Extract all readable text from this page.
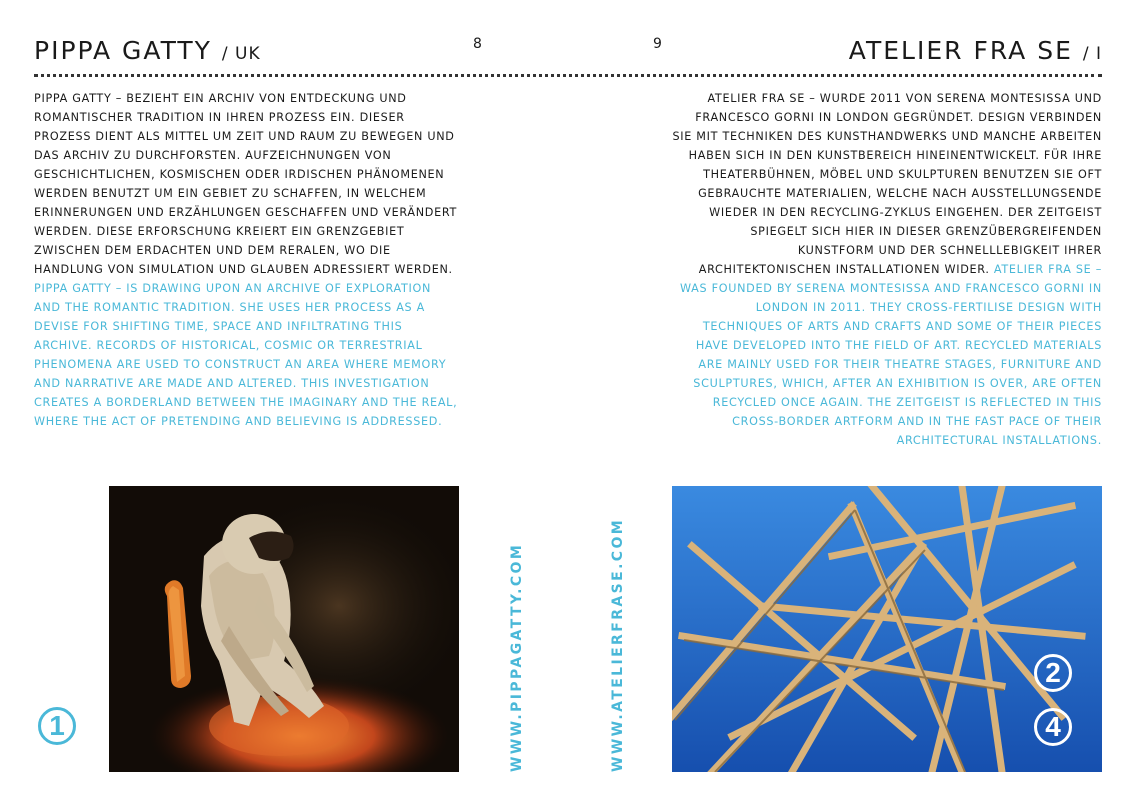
PIPPA GATTY / UK	8	9	ATELIER FRA SE / I
PIPPA GATTY – BEZIEHT EIN ARCHIV VON ENTDECKUNG UND ROMANTISCHER TRADITION IN IHREN PROZESS EIN. DIESER PROZESS DIENT ALS MITTEL UM ZEIT UND RAUM ZU BEWEGEN UND DAS ARCHIV ZU DURCHFORSTEN. AUFZEICHNUNGEN VON GESCHICHTLICHEN, KOSMISCHEN ODER IRDISCHEN PHÄNOMENEN WERDEN BENUTZT UM EIN GEBIET ZU SCHAFFEN, IN WELCHEM ERINNERUNGEN UND ERZÄHLUNGEN GESCHAFFEN UND VERÄNDERT WERDEN. DIESE ERFORSCHUNG KREIERT EIN GRENZGEBIET ZWISCHEN DEM ERDACHTEN UND DEM RERALEN, WO DIE HANDLUNG VON SIMULATION UND GLAUBEN ADRESSIERT WERDEN. PIPPA GATTY – IS DRAWING UPON AN ARCHIVE OF EXPLORATION AND THE ROMANTIC TRADITION. SHE USES HER PROCESS AS A DEVISE FOR SHIFTING TIME, SPACE AND INFILTRATING THIS ARCHIVE. RECORDS OF HISTORICAL, COSMIC OR TERRESTRIAL PHENOMENA ARE USED TO CONSTRUCT AN AREA WHERE MEMORY AND NARRATIVE ARE MADE AND ALTERED. THIS INVESTIGATION CREATES A BORDERLAND BETWEEN THE IMAGINARY AND THE REAL, WHERE THE ACT OF PRETENDING AND BELIEVING IS ADDRESSED.
ATELIER FRA SE – WURDE 2011 VON SERENA MONTESISSA UND FRANCESCO GORNI IN LONDON GEGRÜNDET. DESIGN VERBINDEN SIE MIT TECHNIKEN DES KUNSTHANDWERKS UND MANCHE ARBEITEN HABEN SICH IN DEN KUNSTBEREICH HINEINENTWICKELT. FÜR IHRE THEATERBÜHNEN, MÖBEL UND SKULPTUREN BENUTZEN SIE OFT GEBRAUCHTE MATERIALIEN, WELCHE NACH AUSSTELLUNGSENDE WIEDER IN DEN RECYCLING-ZYKLUS EINGEHEN. DER ZEITGEIST SPIEGELT SICH HIER IN DIESER GRENZÜBERGREIFENDEN KUNSTFORM UND DER SCHNELLLEBIGKEIT IHRER ARCHITEKTONISCHEN INSTALLATIONEN WIDER. ATELIER FRA SE – WAS FOUNDED BY SERENA MONTESISSA AND FRANCESCO GORNI IN LONDON IN 2011. THEY CROSS-FERTILISE DESIGN WITH TECHNIQUES OF ARTS AND CRAFTS AND SOME OF THEIR PIECES HAVE DEVELOPED INTO THE FIELD OF ART. RECYCLED MATERIALS ARE MAINLY USED FOR THEIR THEATRE STAGES, FURNITURE AND SCULPTURES, WHICH, AFTER AN EXHIBITION IS OVER, ARE OFTEN RECYCLED ONCE AGAIN. THE ZEITGEIST IS REFLECTED IN THIS CROSS-BORDER ARTFORM AND IN THE FAST PACE OF THEIR ARCHITECTURAL INSTALLATIONS.
1	WWW.PIPPAGATTY.COM	WWW.ATELIERFRASE.COM	2
4
